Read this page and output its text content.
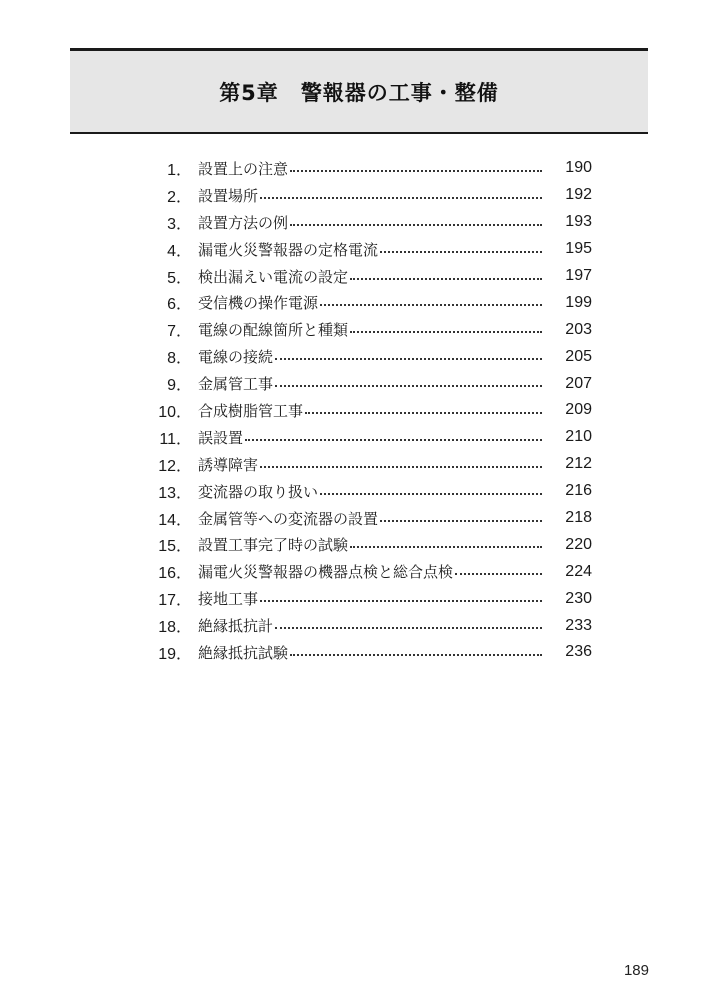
第5章 警報器の工事・整備
1． 設置上の注意	190
2． 設置場所	192
3． 設置方法の例	193
4． 漏電火災警報器の定格電流	195
5． 検出漏えい電流の設定	197
6． 受信機の操作電源	199
7． 電線の配線箇所と種類	203
8． 電線の接続	205
9． 金属管工事	207
10． 合成樹脂管工事	209
11． 誤設置	210
12． 誘導障害	212
13． 変流器の取り扱い	216
14． 金属管等への変流器の設置	218
15． 設置工事完了時の試験	220
16． 漏電火災警報器の機器点検と総合点検	224
17． 接地工事	230
18． 絶縁抵抗計	233
19． 絶縁抵抗試験	236
189
